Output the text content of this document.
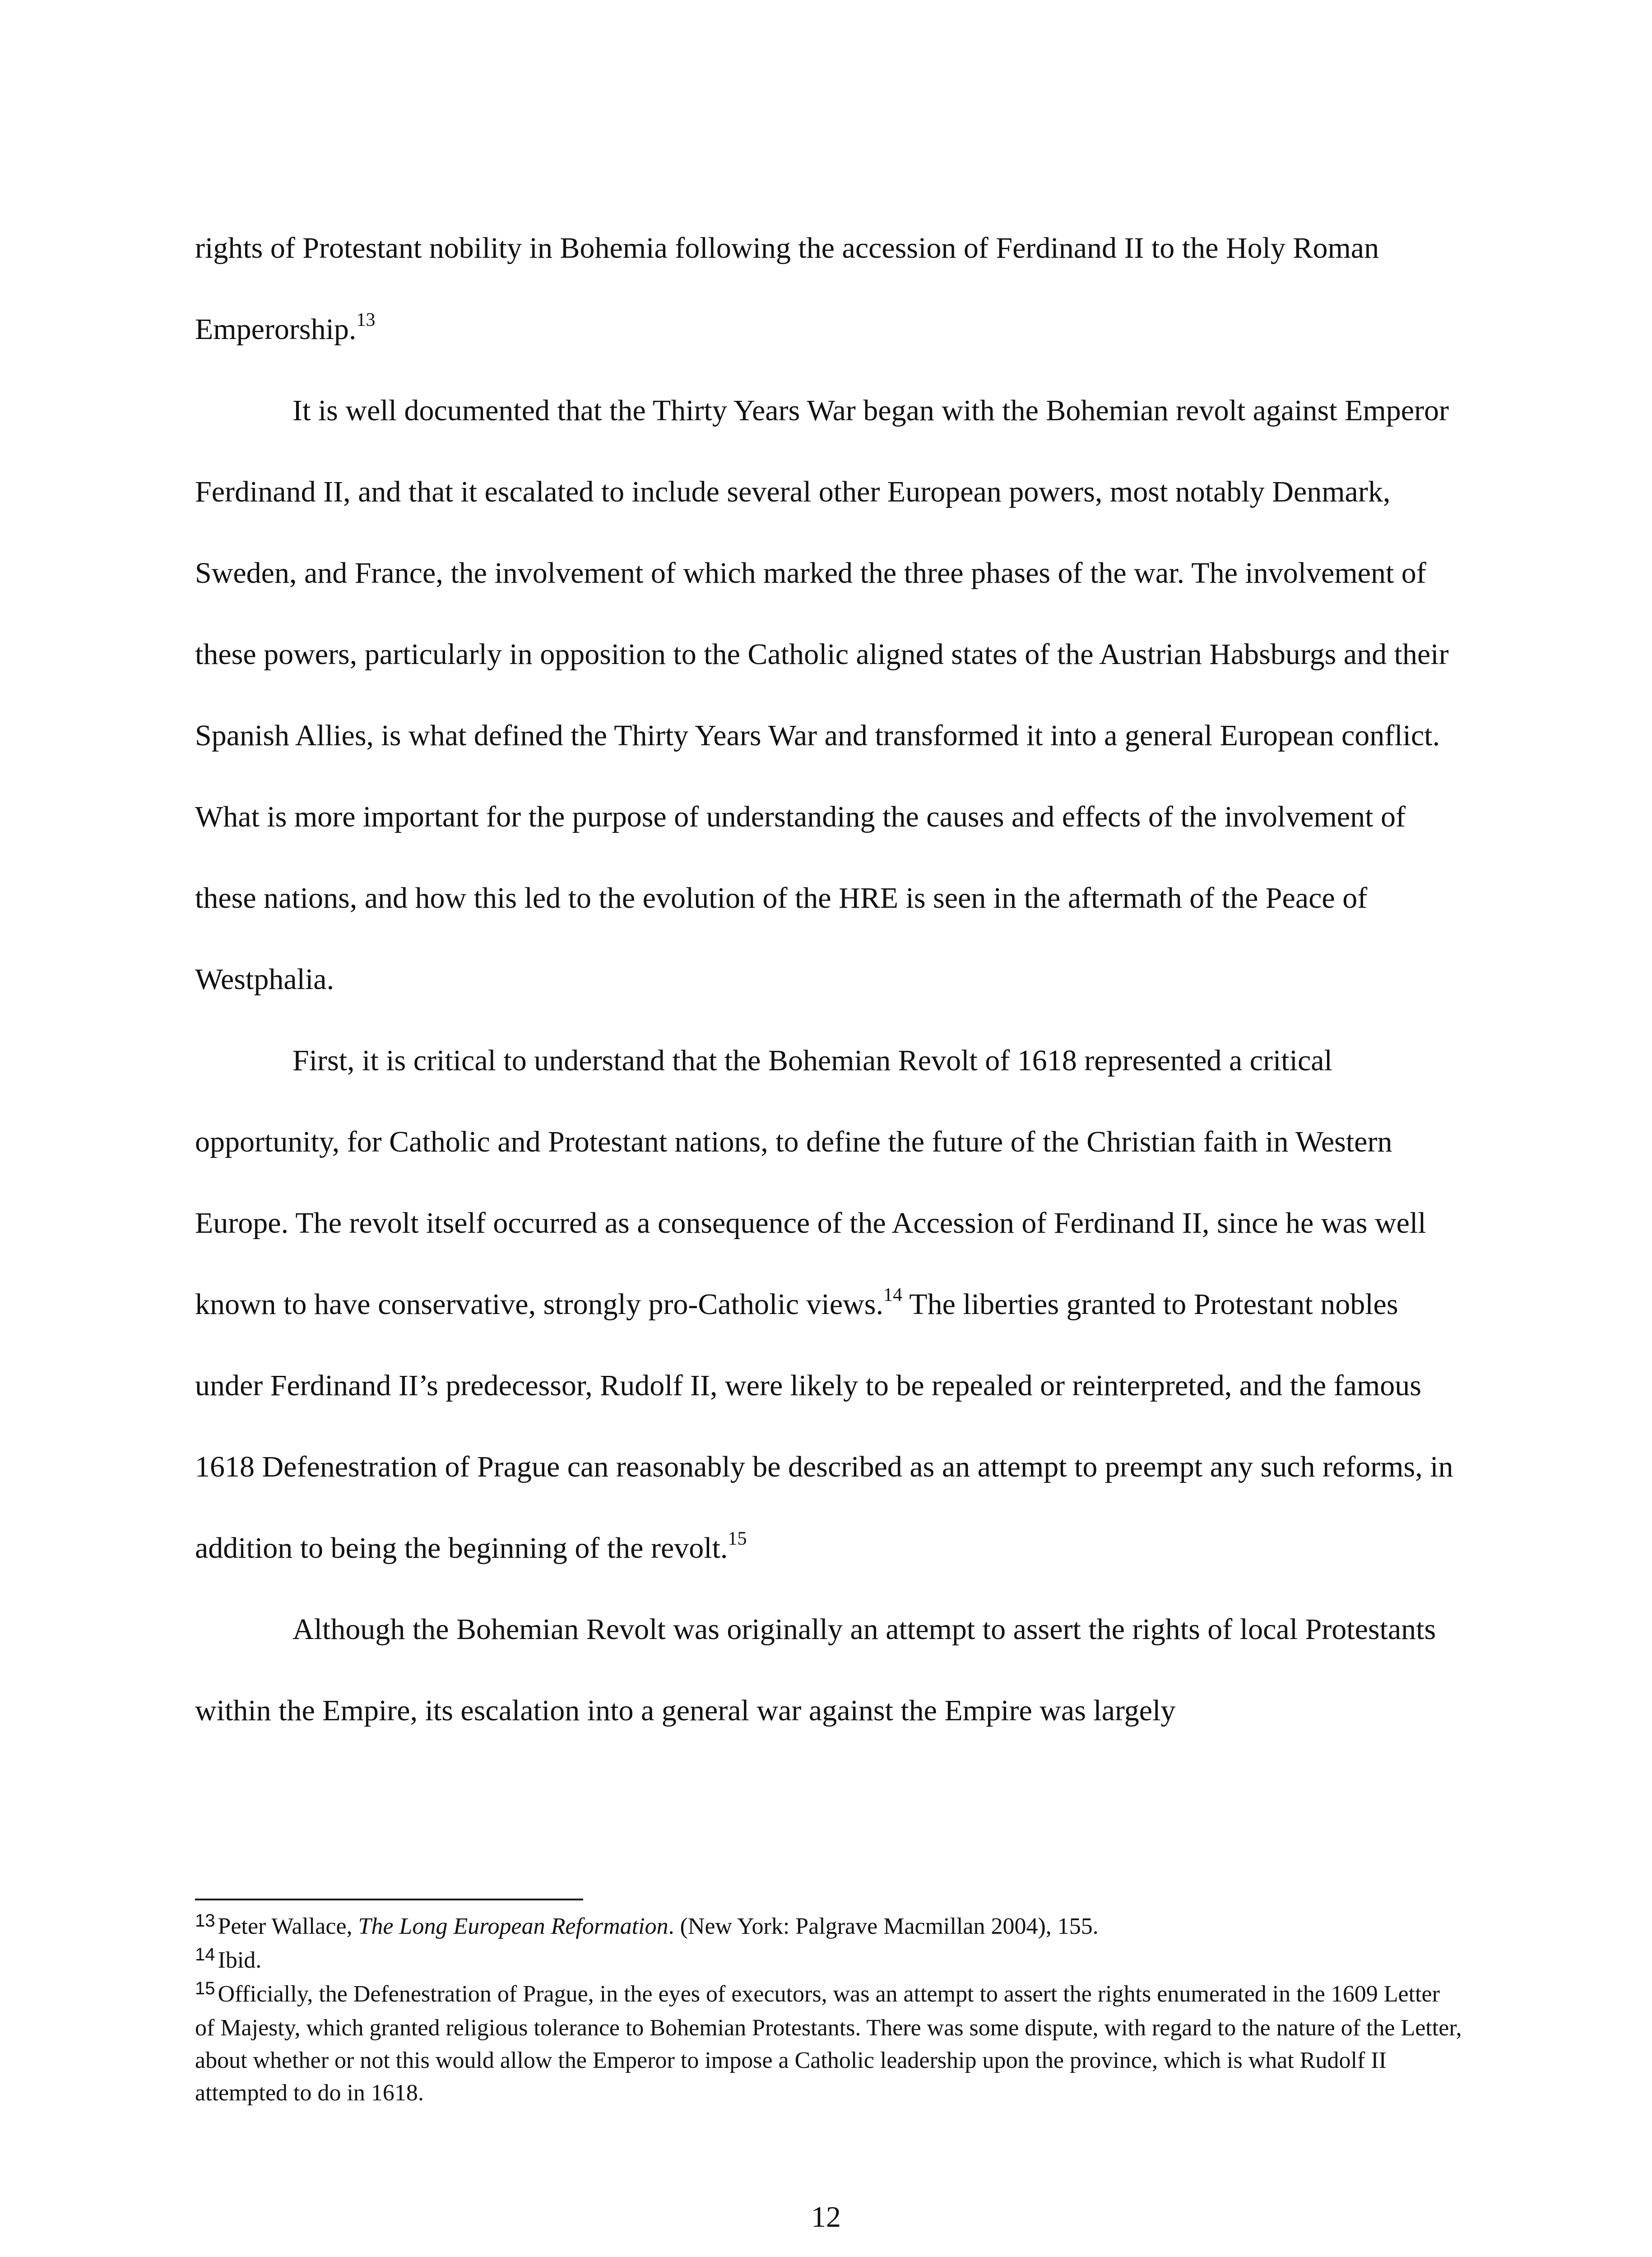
rights of Protestant nobility in Bohemia following the accession of Ferdinand II to the Holy Roman Emperorship.$^{13}$

It is well documented that the Thirty Years War began with the Bohemian revolt against Emperor Ferdinand II, and that it escalated to include several other European powers, most notably Denmark, Sweden, and France, the involvement of which marked the three phases of the war. The involvement of these powers, particularly in opposition to the Catholic aligned states of the Austrian Habsburgs and their Spanish Allies, is what defined the Thirty Years War and transformed it into a general European conflict. What is more important for the purpose of understanding the causes and effects of the involvement of these nations, and how this led to the evolution of the HRE is seen in the aftermath of the Peace of Westphalia.

First, it is critical to understand that the Bohemian Revolt of 1618 represented a critical opportunity, for Catholic and Protestant nations, to define the future of the Christian faith in Western Europe. The revolt itself occurred as a consequence of the Accession of Ferdinand II, since he was well known to have conservative, strongly pro-Catholic views.$^{14}$ The liberties granted to Protestant nobles under Ferdinand II’s predecessor, Rudolf II, were likely to be repealed or reinterpreted, and the famous 1618 Defenestration of Prague can reasonably be described as an attempt to preempt any such reforms, in addition to being the beginning of the revolt.$^{15}$

Although the Bohemian Revolt was originally an attempt to assert the rights of local Protestants within the Empire, its escalation into a general war against the Empire was largely

$^{13}$ Peter Wallace, The Long European Reformation. (New York: Palgrave Macmillan 2004), 155.

$^{14}$ Ibid.

$^{15}$ Officially, the Defenestration of Prague, in the eyes of executors, was an attempt to assert the rights enumerated in the 1609 Letter of Majesty, which granted religious tolerance to Bohemian Protestants. There was some dispute, with regard to the nature of the Letter, about whether or not this would allow the Emperor to impose a Catholic leadership upon the province, which is what Rudolf II attempted to do in 1618.

12
